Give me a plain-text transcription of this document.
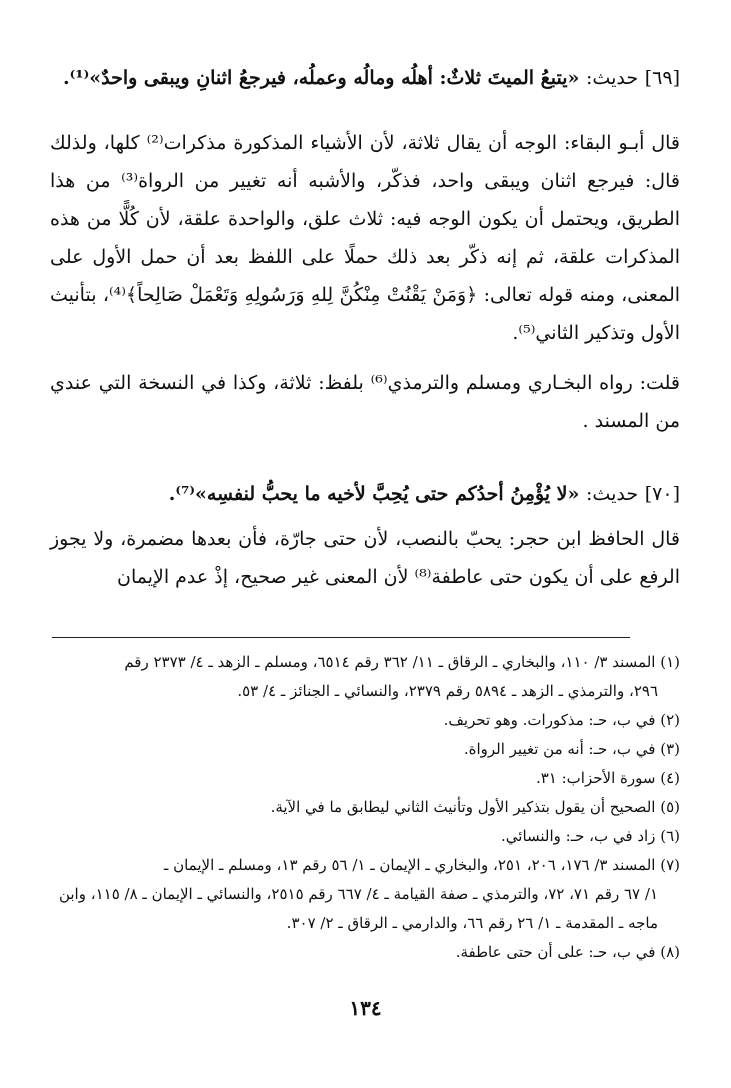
[٦٩] حديث: «يتبعُ الميتَ ثلاثٌ: أهلُه ومالُه وعملُه، فيرجعُ اثنانِ ويبقى واحدٌ»⁽¹⁾.

قال أبـو البقاء: الوجه أن يقال ثلاثة، لأن الأشياء المذكورة مذكرات⁽²⁾ كلها، ولذلك قال: فيرجع اثنان ويبقى واحد، فذكّر، والأشبه أنه تغيير من الرواة⁽³⁾ من هذا الطريق، ويحتمل أن يكون الوجه فيه: ثلاث علق، والواحدة علقة، لأن كُلًّا من هذه المذكرات علقة، ثم إنه ذكّر بعد ذلك حملًا على اللفظ بعد أن حمل الأول على المعنى، ومنه قوله تعالى: ﴿وَمَنْ يَقْنُتْ مِنْكُنَّ لِلهِ وَرَسُولِهِ وَتَعْمَلْ صَالِحاً﴾⁽⁴⁾، بتأنيث الأول وتذكير الثاني⁽⁵⁾.

قلت: رواه البخـاري ومسلم والترمذي⁽⁶⁾ بلفظ: ثلاثة، وكذا في النسخة التي عندي من المسند .

[٧٠] حديث: «لا يُؤْمِنُ أحدُكم حتى يُحِبَّ لأخيه ما يحبُّ لنفسِه»⁽⁷⁾.

قال الحافظ ابن حجر: يحبّ بالنصب، لأن حتى جارّة، فأن بعدها مضمرة، ولا يجوز الرفع على أن يكون حتى عاطفة⁽⁸⁾ لأن المعنى غير صحيح، إذْ عدم الإيمان

(١) المسند ٣/ ١١٠، والبخاري ـ الرقاق ـ ١١/ ٣٦٢ رقم ٦٥١٤، ومسلم ـ الزهد ـ ٤/ ٢٣٧٣ رقم
٢٩٦، والترمذي ـ الزهد ـ ٥٨٩٤ رقم ٢٣٧٩، والنسائي ـ الجنائز ـ ٤/ ٥٣.

(٢) في ب، حـ: مذكورات. وهو تحريف.

(٣) في ب، حـ: أنه من تغيير الرواة.

(٤) سورة الأحزاب: ٣١.

(٥) الصحيح أن يقول بتذكير الأول وتأنيث الثاني ليطابق ما في الآية.

(٦) زاد في ب، حـ: والنسائي.

(٧) المسند ٣/ ١٧٦، ٢٠٦، ٢٥١، والبخاري ـ الإيمان ـ ١/ ٥٦ رقم ١٣، ومسلم ـ الإيمان ـ
١/ ٦٧ رقم ٧١، ٧٢، والترمذي ـ صفة القيامة ـ ٤/ ٦٦٧ رقم ٢٥١٥، والنسائي ـ الإيمان ـ ٨/ ١١٥، وابن ماجه ـ المقدمة ـ ١/ ٢٦ رقم ٦٦، والدارمي ـ الرقاق ـ ٢/ ٣٠٧.

(٨) في ب، حـ: على أن حتى عاطفة.

١٣٤
